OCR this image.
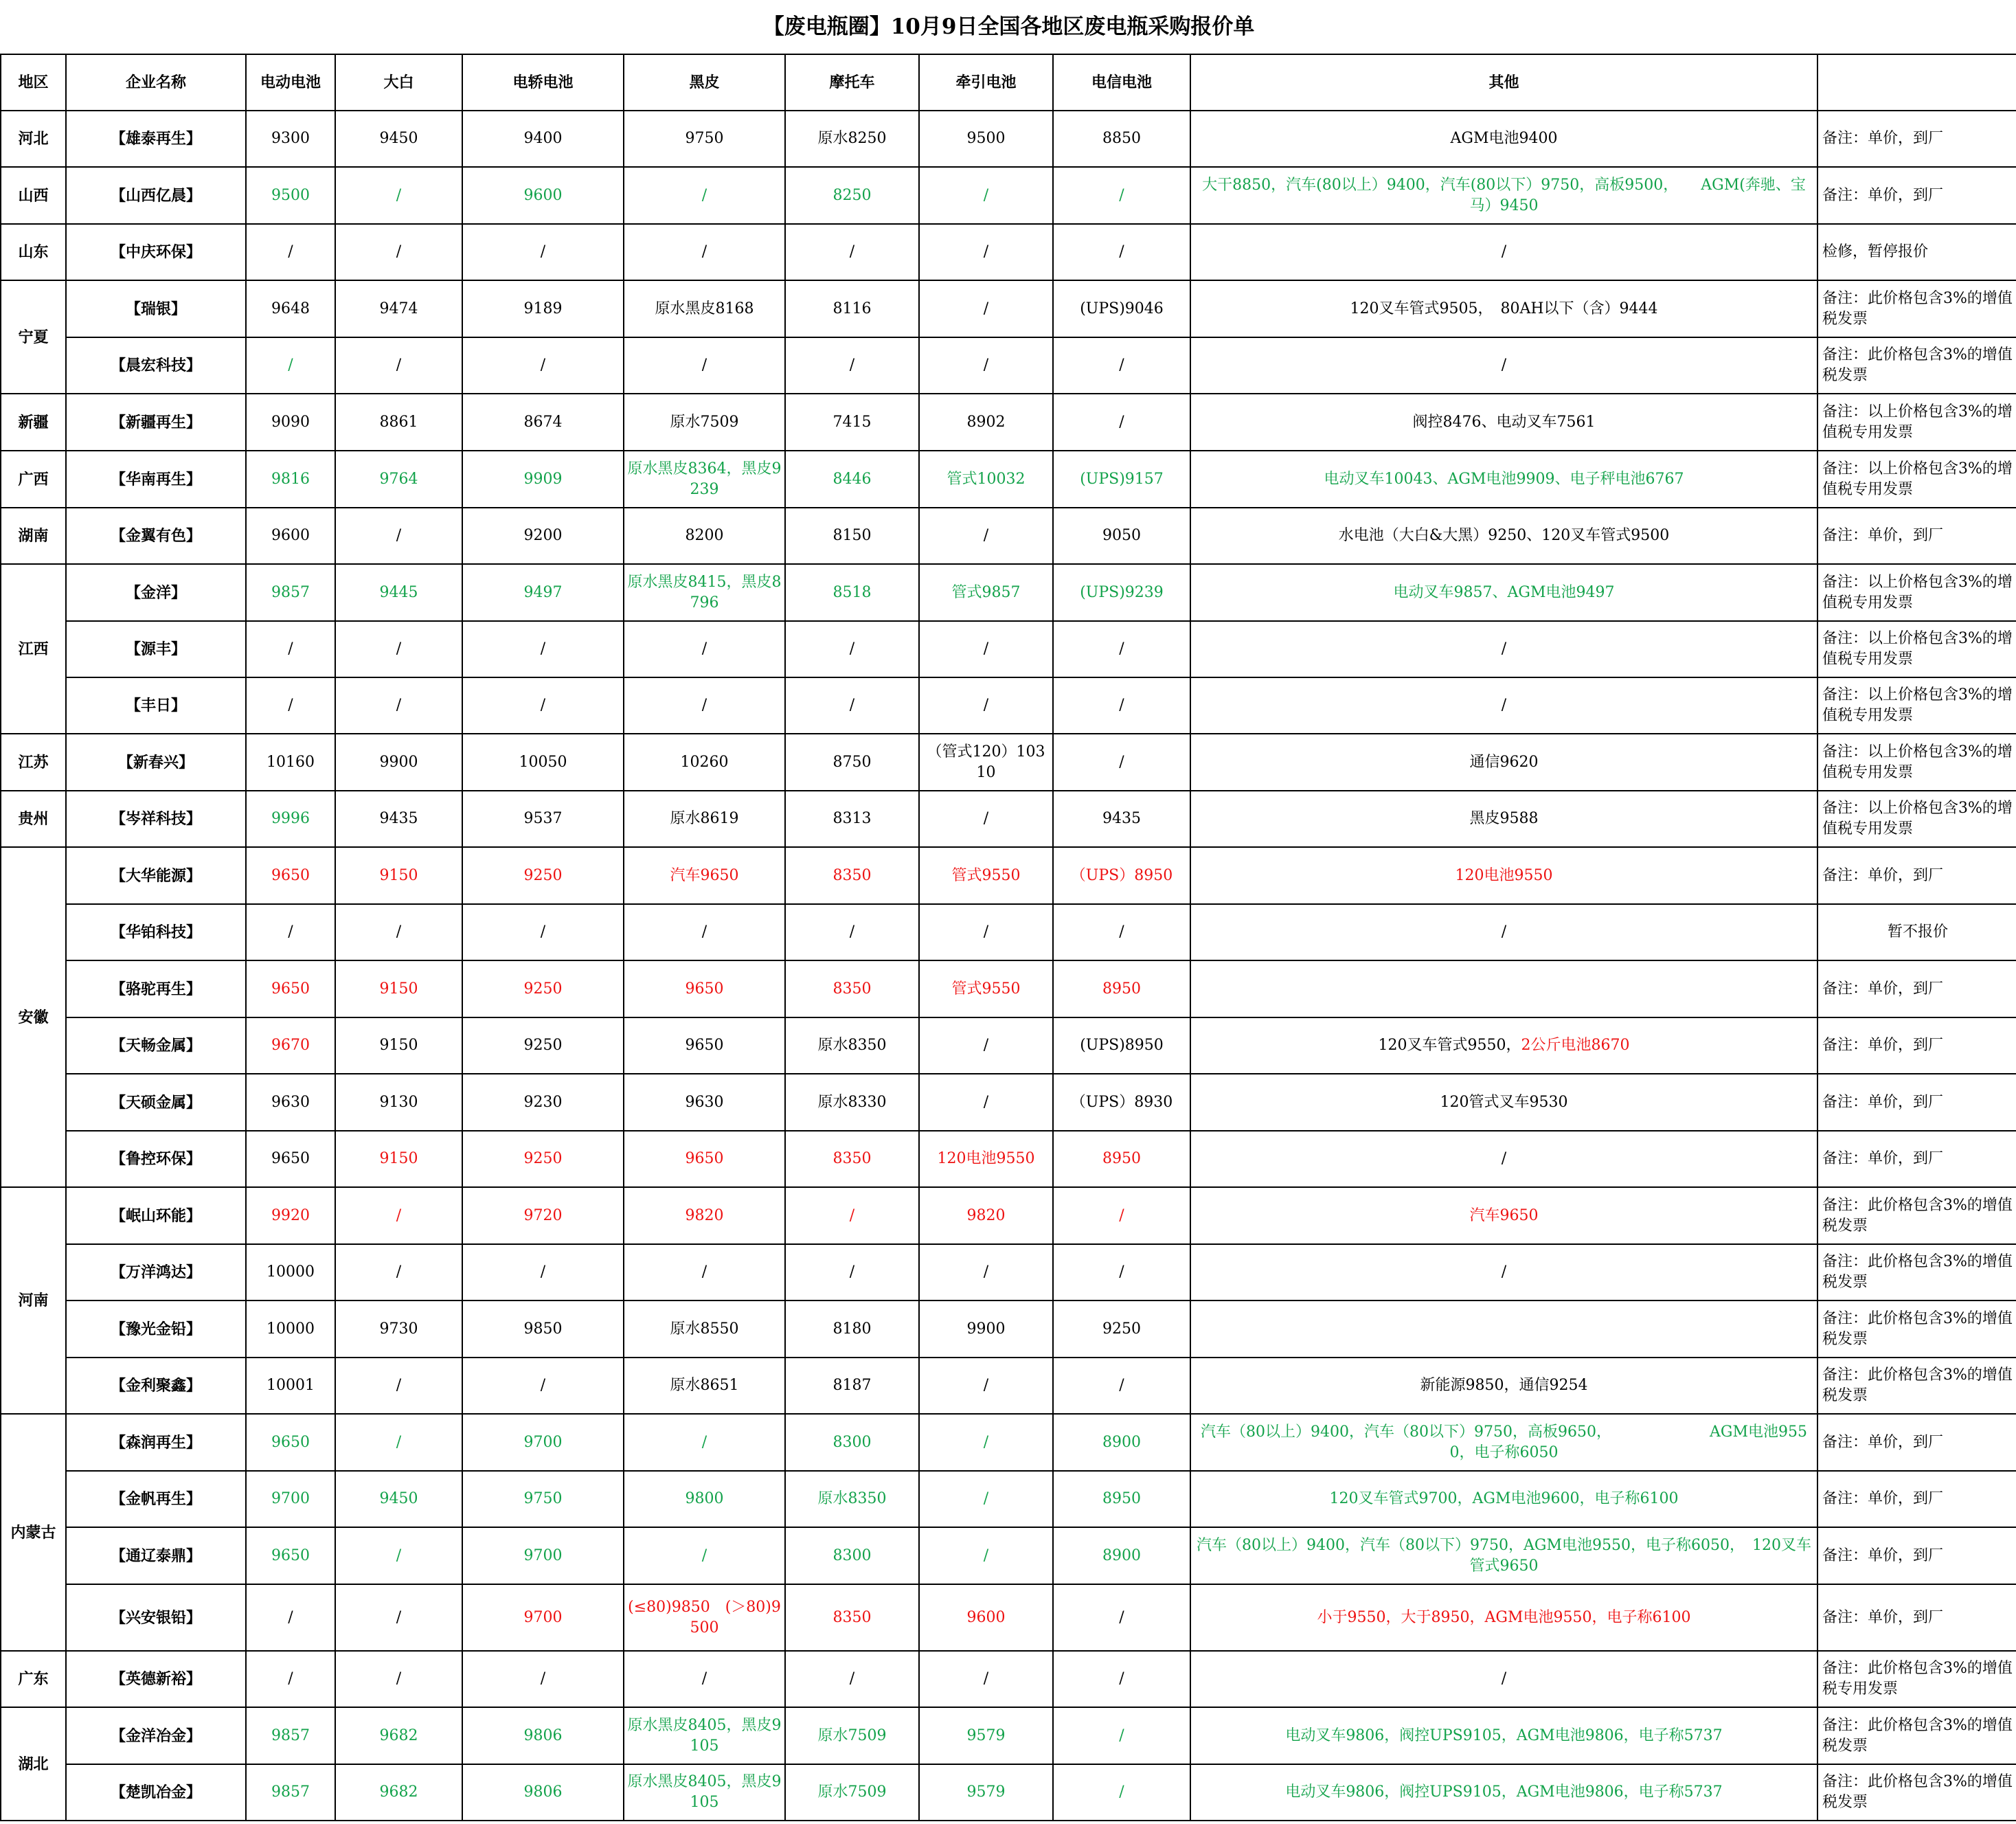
【废电瓶圈】10月9日全国各地区废电瓶采购报价单										
地区	企业名称	电动电池	大白	电轿电池	黑皮	摩托车	牵引电池	电信电池	其他	
河北	【雄泰再生】	9300	9450	9400	9750	原水8250	9500	8850	AGM电池9400	备注：单价，到厂
山西	【山西亿晨】	9500	/	9600	/	8250	/	/	大干8850，汽车(80以上）9400，汽车(80以下）9750，高板9500，　　AGM(奔驰、宝马）9450	备注：单价，到厂
山东	【中庆环保】	/	/	/	/	/	/	/	/	检修，暂停报价
宁夏	【瑞银】	9648	9474	9189	原水黑皮8168	8116	/	(UPS)9046	120叉车管式9505，　80AH以下（含）9444	备注：此价格包含3%的增值税发票
	【晨宏科技】	/	/	/	/	/	/	/	/	备注：此价格包含3%的增值税发票
新疆	【新疆再生】	9090	8861	8674	原水7509	7415	8902	/	阀控8476、电动叉车7561	备注：以上价格包含3%的增值税专用发票
广西	【华南再生】	9816	9764	9909	原水黑皮8364，黑皮9239	8446	管式10032	(UPS)9157	电动叉车10043、AGM电池9909、电子秤电池6767	备注：以上价格包含3%的增值税专用发票
湖南	【金翼有色】	9600	/	9200	8200	8150	/	9050	水电池（大白&大黑）9250、120叉车管式9500	备注：单价，到厂
江西	【金洋】	9857	9445	9497	原水黑皮8415，黑皮8796	8518	管式9857	(UPS)9239	电动叉车9857、AGM电池9497	备注：以上价格包含3%的增值税专用发票
	【源丰】	/	/	/	/	/	/	/	/	备注：以上价格包含3%的增值税专用发票
	【丰日】	/	/	/	/	/	/	/	/	备注：以上价格包含3%的增值税专用发票
江苏	【新春兴】	10160	9900	10050	10260	8750	（管式120）10310	/	通信9620	备注：以上价格包含3%的增值税专用发票
贵州	【岑祥科技】	9996	9435	9537	原水8619	8313	/	9435	黑皮9588	备注：以上价格包含3%的增值税专用发票
安徽	【大华能源】	9650	9150	9250	汽车9650	8350	管式9550	（UPS）8950	120电池9550	备注：单价，到厂
	【华铂科技】	/	/	/	/	/	/	/	/	暂不报价
	【骆驼再生】	9650	9150	9250	9650	8350	管式9550	8950		备注：单价，到厂
	【天畅金属】	9670	9150	9250	9650	原水8350	/	(UPS)8950	120叉车管式9550，2公斤电池8670	备注：单价，到厂
	【天硕金属】	9630	9130	9230	9630	原水8330	/	（UPS）8930	120管式叉车9530	备注：单价，到厂
	【鲁控环保】	9650	9150	9250	9650	8350	120电池9550	8950	/	备注：单价，到厂
河南	【岷山环能】	9920	/	9720	9820	/	9820	/	汽车9650	备注：此价格包含3%的增值税发票
	【万洋鸿达】	10000	/	/	/	/	/	/	/	备注：此价格包含3%的增值税发票
	【豫光金铅】	10000	9730	9850	原水8550	8180	9900	9250		备注：此价格包含3%的增值税发票
	【金利聚鑫】	10001	/	/	原水8651	8187	/	/	新能源9850，通信9254	备注：此价格包含3%的增值税发票
内蒙古	【森润再生】	9650	/	9700	/	8300	/	8900	汽车（80以上）9400，汽车（80以下）9750，高板9650，　　　　　　　AGM电池9550，电子称6050	备注：单价，到厂
	【金帆再生】	9700	9450	9750	9800	原水8350	/	8950	120叉车管式9700，AGM电池9600，电子称6100	备注：单价，到厂
	【通辽泰鼎】	9650	/	9700	/	8300	/	8900	汽车（80以上）9400，汽车（80以下）9750，AGM电池9550，电子称6050，　120叉车管式9650	备注：单价，到厂
	【兴安银铅】	/	/	9700	(≤80)9850　(＞80)9500	8350	9600	/	小于9550，大于8950，AGM电池9550，电子称6100	备注：单价，到厂
广东	【英德新裕】	/	/	/	/	/	/	/	/	备注：此价格包含3%的增值税专用发票
湖北	【金洋冶金】	9857	9682	9806	原水黑皮8405，黑皮9105	原水7509	9579	/	电动叉车9806，阀控UPS9105，AGM电池9806，电子称5737	备注：此价格包含3%的增值税发票
	【楚凯冶金】	9857	9682	9806	原水黑皮8405，黑皮9105	原水7509	9579	/	电动叉车9806，阀控UPS9105，AGM电池9806，电子称5737	备注：此价格包含3%的增值税发票
